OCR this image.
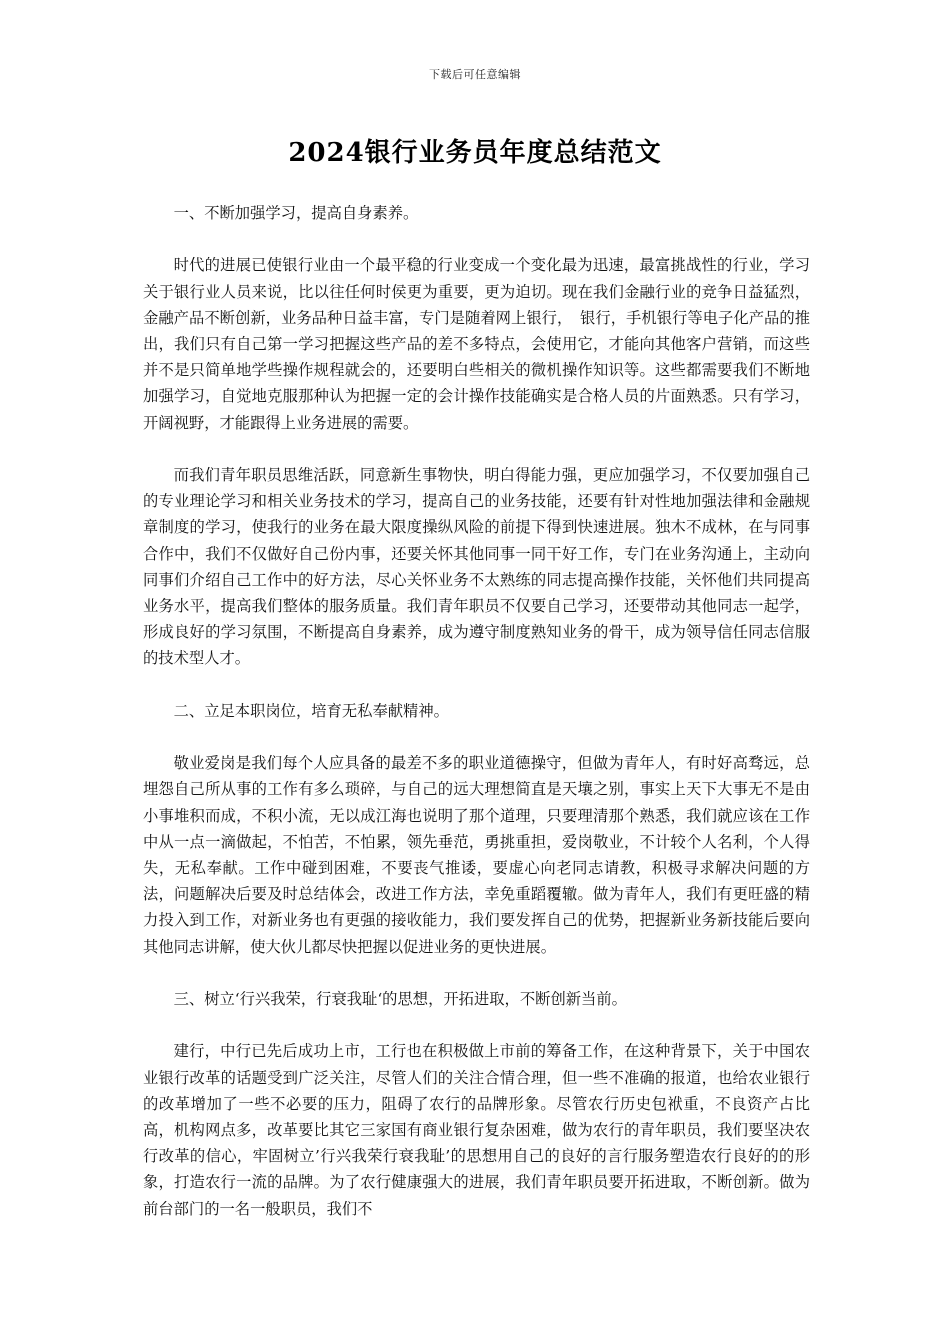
下载后可任意编辑
2024银行业务员年度总结范文

一、不断加强学习，提高自身素养。

时代的进展已使银行业由一个最平稳的行业变成一个变化最为迅速，最富挑战性的行业，学习关于银行业人员来说，比以往任何时侯更为重要，更为迫切。现在我们金融行业的竞争日益猛烈，金融产品不断创新，业务品种日益丰富，专门是随着网上银行，　银行，手机银行等电子化产品的推出，我们只有自己第一学习把握这些产品的差不多特点，会使用它，才能向其他客户营销，而这些并不是只简单地学些操作规程就会的，还要明白些相关的微机操作知识等。这些都需要我们不断地加强学习，自觉地克服那种认为把握一定的会计操作技能确实是合格人员的片面熟悉。只有学习，开阔视野，才能跟得上业务进展的需要。

而我们青年职员思维活跃，同意新生事物快，明白得能力强，更应加强学习，不仅要加强自己的专业理论学习和相关业务技术的学习，提高自己的业务技能，还要有针对性地加强法律和金融规章制度的学习，使我行的业务在最大限度操纵风险的前提下得到快速进展。独木不成林，在与同事合作中，我们不仅做好自己份内事，还要关怀其他同事一同干好工作，专门在业务沟通上，主动向同事们介绍自己工作中的好方法，尽心关怀业务不太熟练的同志提高操作技能，关怀他们共同提高业务水平，提高我们整体的服务质量。我们青年职员不仅要自己学习，还要带动其他同志一起学，形成良好的学习氛围，不断提高自身素养，成为遵守制度熟知业务的骨干，成为领导信任同志信服的技术型人才。

二、立足本职岗位，培育无私奉献精神。

敬业爱岗是我们每个人应具备的最差不多的职业道德操守，但做为青年人，有时好高骛远，总埋怨自己所从事的工作有多么琐碎，与自己的远大理想简直是天壤之别，事实上天下大事无不是由小事堆积而成，不积小流，无以成江海也说明了那个道理，只要理清那个熟悉，我们就应该在工作中从一点一滴做起，不怕苦，不怕累，领先垂范，勇挑重担，爱岗敬业，不计较个人名利，个人得失，无私奉献。工作中碰到困难，不要丧气推诿，要虚心向老同志请教，积极寻求解决问题的方法，问题解决后要及时总结体会，改进工作方法，幸免重蹈覆辙。做为青年人，我们有更旺盛的精力投入到工作，对新业务也有更强的接收能力，我们要发挥自己的优势，把握新业务新技能后要向其他同志讲解，使大伙儿都尽快把握以促进业务的更快进展。

三、树立‘行兴我荣，行衰我耻‘的思想，开拓进取，不断创新当前。

建行，中行已先后成功上市，工行也在积极做上市前的筹备工作，在这种背景下，关于中国农业银行改革的话题受到广泛关注，尽管人们的关注合情合理，但一些不准确的报道，也给农业银行的改革增加了一些不必要的压力，阻碍了农行的品牌形象。尽管农行历史包袱重，不良资产占比高，机构网点多，改革要比其它三家国有商业银行复杂困难，做为农行的青年职员，我们要坚决农行改革的信心，牢固树立’行兴我荣行衰我耻’的思想用自己的良好的言行服务塑造农行良好的的形象，打造农行一流的品牌。为了农行健康强大的进展，我们青年职员要开拓进取，不断创新。做为前台部门的一名一般职员，我们不
